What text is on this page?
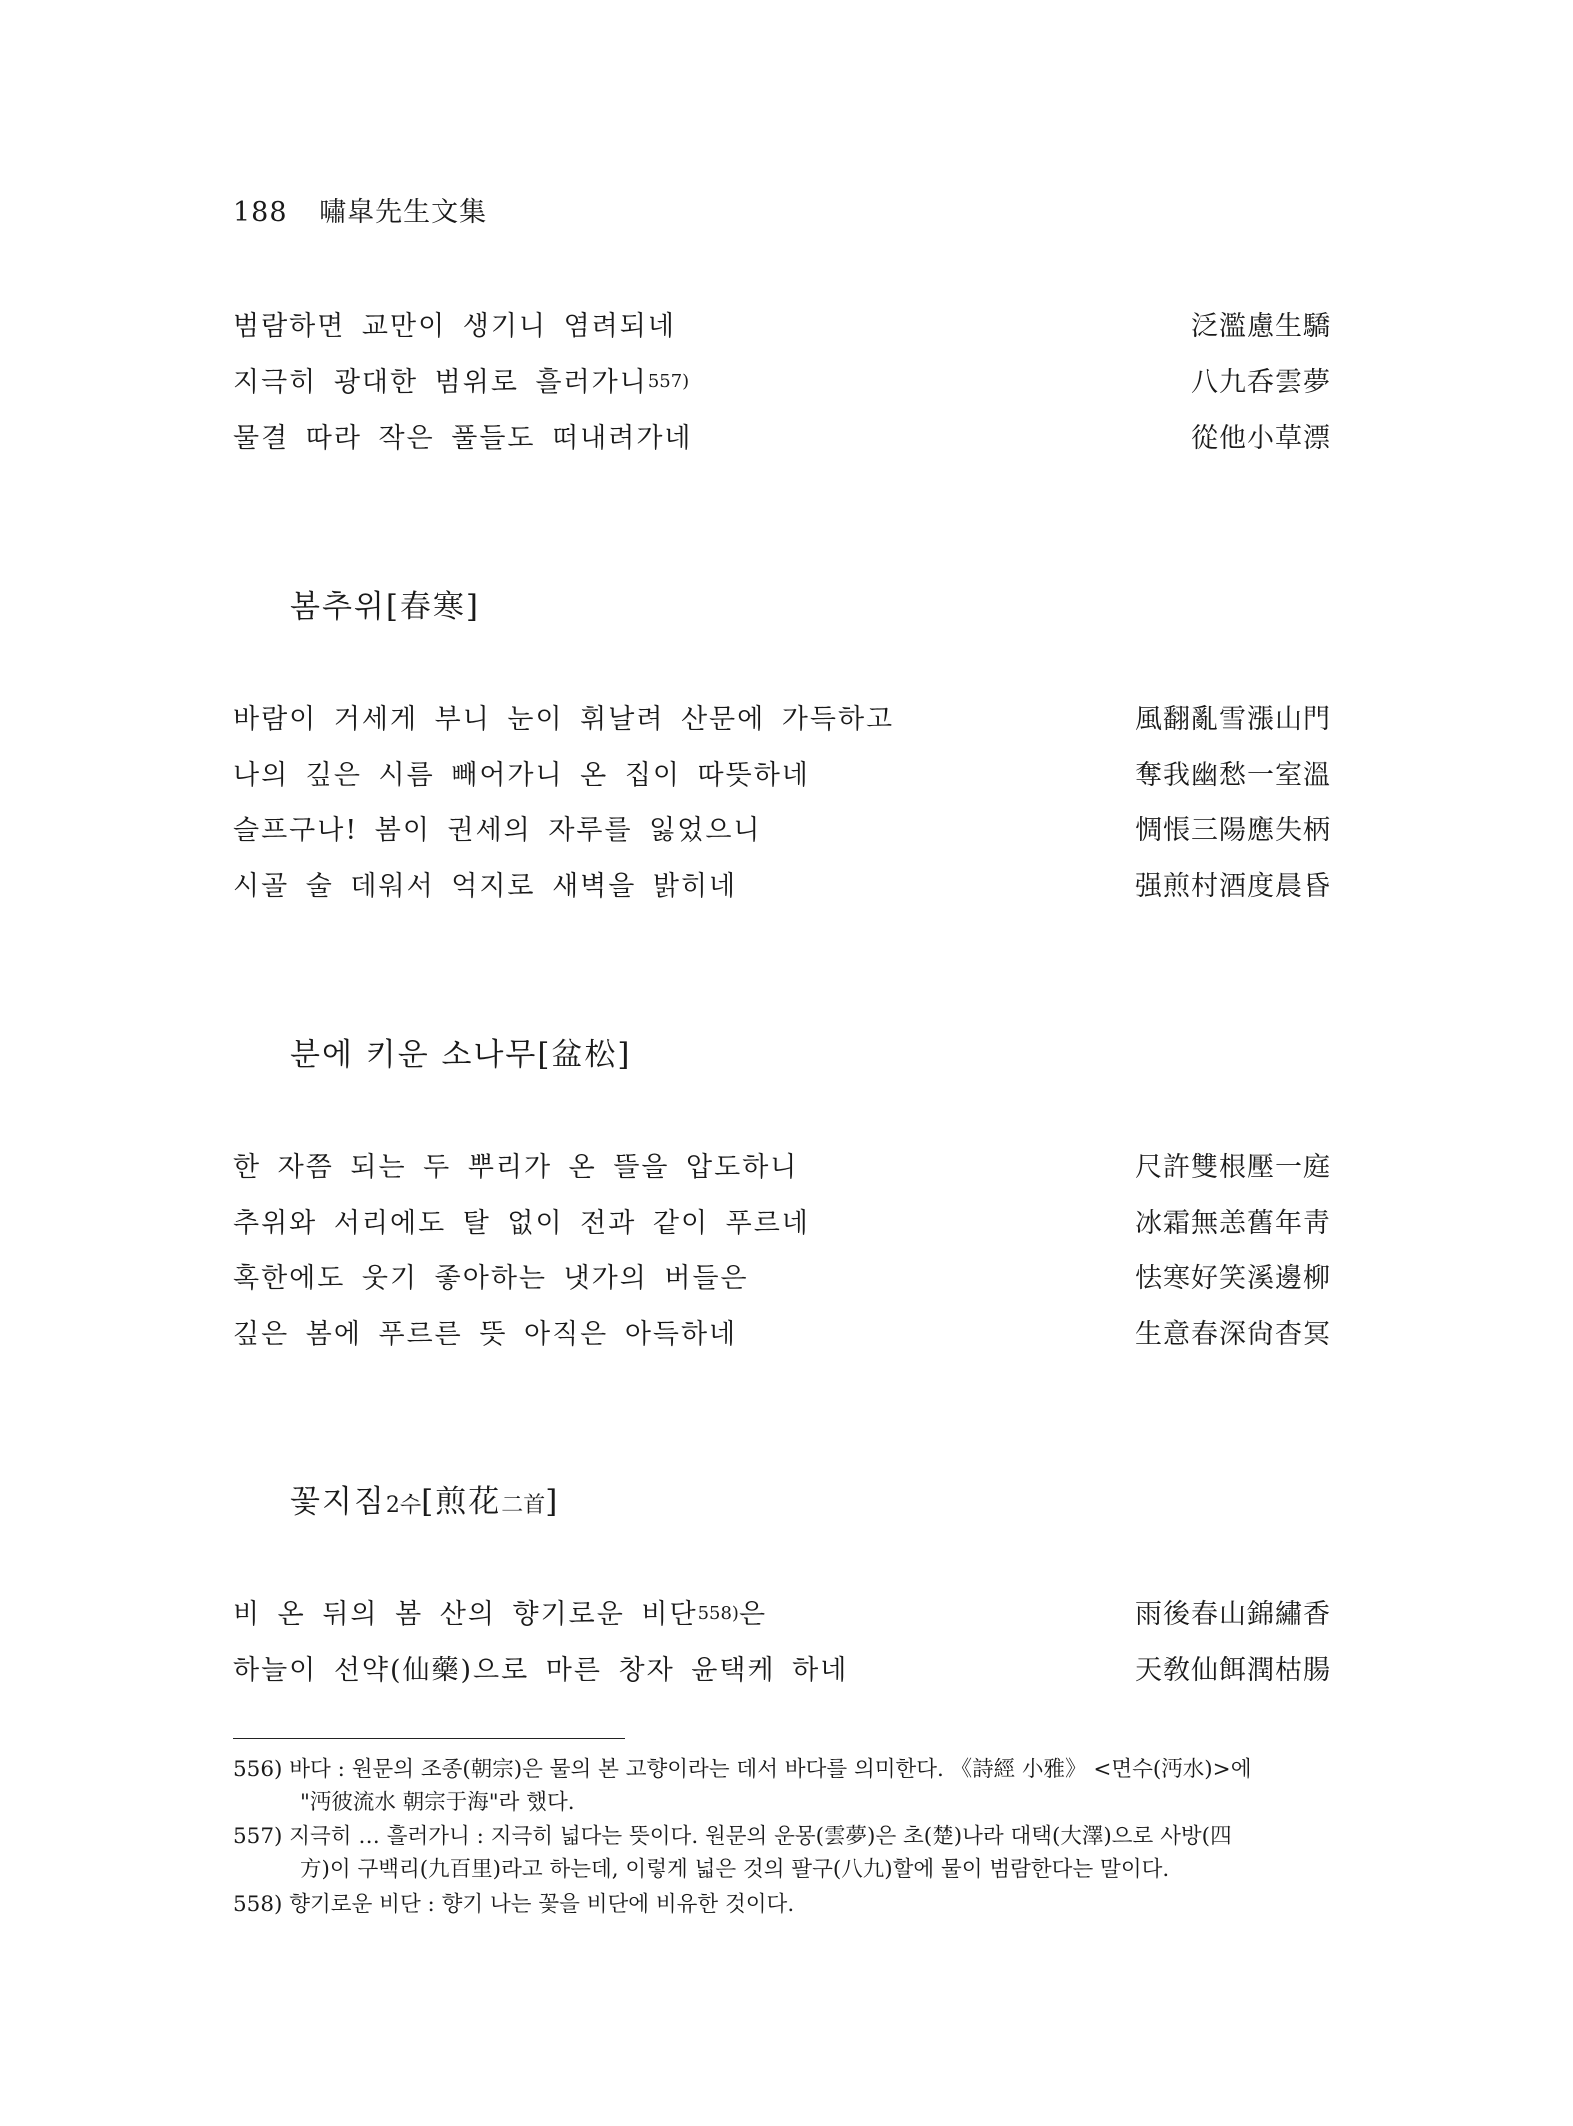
188 嘯皐先生文集
범람하면 교만이 생기니 염려되네	泛濫慮生驕
지극히 광대한 범위로 흘러가니557)	八九呑雲夢
물결 따라 작은 풀들도 떠내려가네	從他小草漂
봄추위[春寒]
바람이 거세게 부니 눈이 휘날려 산문에 가득하고	風翻亂雪漲山門
나의 깊은 시름 빼어가니 온 집이 따뜻하네	奪我幽愁一室溫
슬프구나! 봄이 권세의 자루를 잃었으니	惆悵三陽應失柄
시골 술 데워서 억지로 새벽을 밝히네	强煎村酒度晨昏
분에 키운 소나무[盆松]
한 자쯤 되는 두 뿌리가 온 뜰을 압도하니	尺許雙根壓一庭
추위와 서리에도 탈 없이 전과 같이 푸르네	冰霜無恙舊年靑
혹한에도 웃기 좋아하는 냇가의 버들은	怯寒好笑溪邊柳
깊은 봄에 푸르른 뜻 아직은 아득하네	生意春深尙杳冥
꽃지짐2수[煎花二首]
비 온 뒤의 봄 산의 향기로운 비단558)은	雨後春山錦繡香
하늘이 선약(仙藥)으로 마른 창자 윤택케 하네	天敎仙餌潤枯腸
556) 바다 : 원문의 조종(朝宗)은 물의 본 고향이라는 데서 바다를 의미한다. 《詩經 小雅》 <면수(沔水)>에
"沔彼流水 朝宗于海"라 했다.
557) 지극히 … 흘러가니 : 지극히 넓다는 뜻이다. 원문의 운몽(雲夢)은 초(楚)나라 대택(大澤)으로 사방(四
方)이 구백리(九百里)라고 하는데, 이렇게 넓은 것의 팔구(八九)할에 물이 범람한다는 말이다.
558) 향기로운 비단 : 향기 나는 꽃을 비단에 비유한 것이다.
